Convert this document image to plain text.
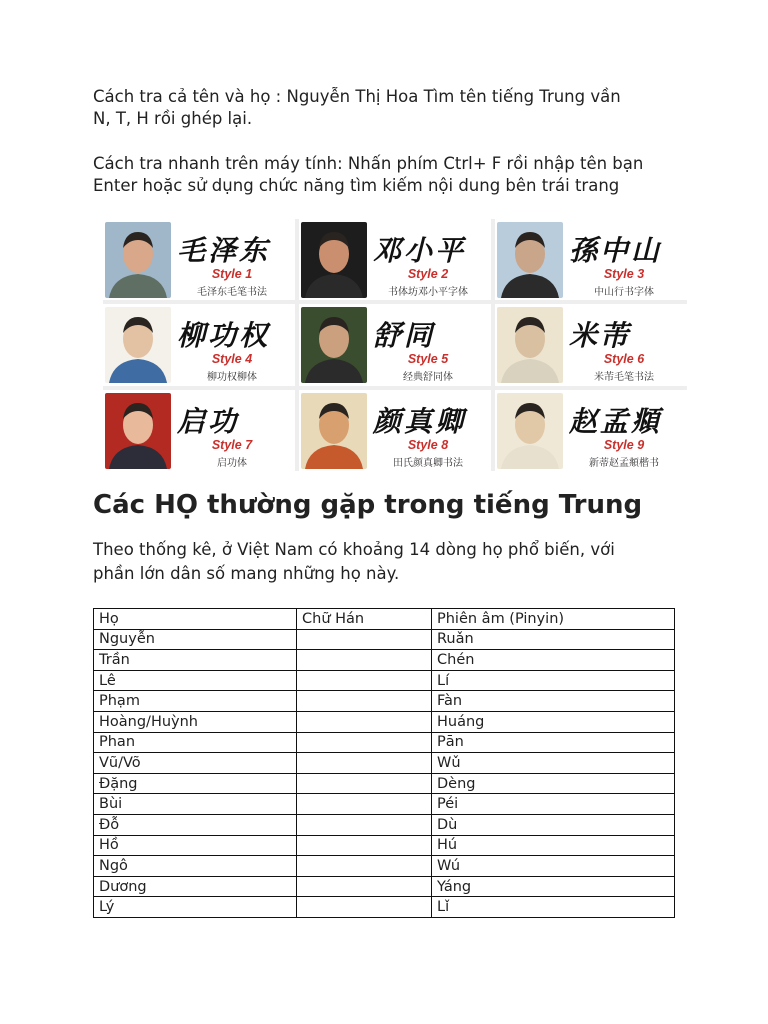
Cách tra cả tên và họ : Nguyễn Thị Hoa Tìm tên tiếng Trung vần
N, T, H rồi ghép lại.

Cách tra nhanh trên máy tính: Nhấn phím Ctrl+ F rồi nhập tên bạn
Enter hoặc sử dụng chức năng tìm kiếm nội dung bên trái trang

毛泽东
Style 1
毛泽东毛笔书法
邓小平
Style 2
书体坊邓小平字体
孫中山
Style 3
中山行书字体
柳功权
Style 4
柳功权柳体
舒同
Style 5
经典舒同体
米芾
Style 6
米芾毛笔书法
启功
Style 7
启功体
颜真卿
Style 8
田氏颜真卿书法
赵孟頫
Style 9
新蒂赵孟頫楷书
Các HỌ thường gặp trong tiếng Trung

Theo thống kê, ở Việt Nam có khoảng 14 dòng họ phổ biến, với
phần lớn dân số mang những họ này.

Họ	Chữ Hán	Phiên âm (Pinyin)
Nguyễn		Ruǎn
Trần		Chén
Lê		Lí
Phạm		Fàn
Hoàng/Huỳnh		Huáng
Phan		Pān
Vũ/Võ		Wǔ
Đặng		Dèng
Bùi		Péi
Đỗ		Dù
Hồ		Hú
Ngô		Wú
Dương		Yáng
Lý		Lǐ
